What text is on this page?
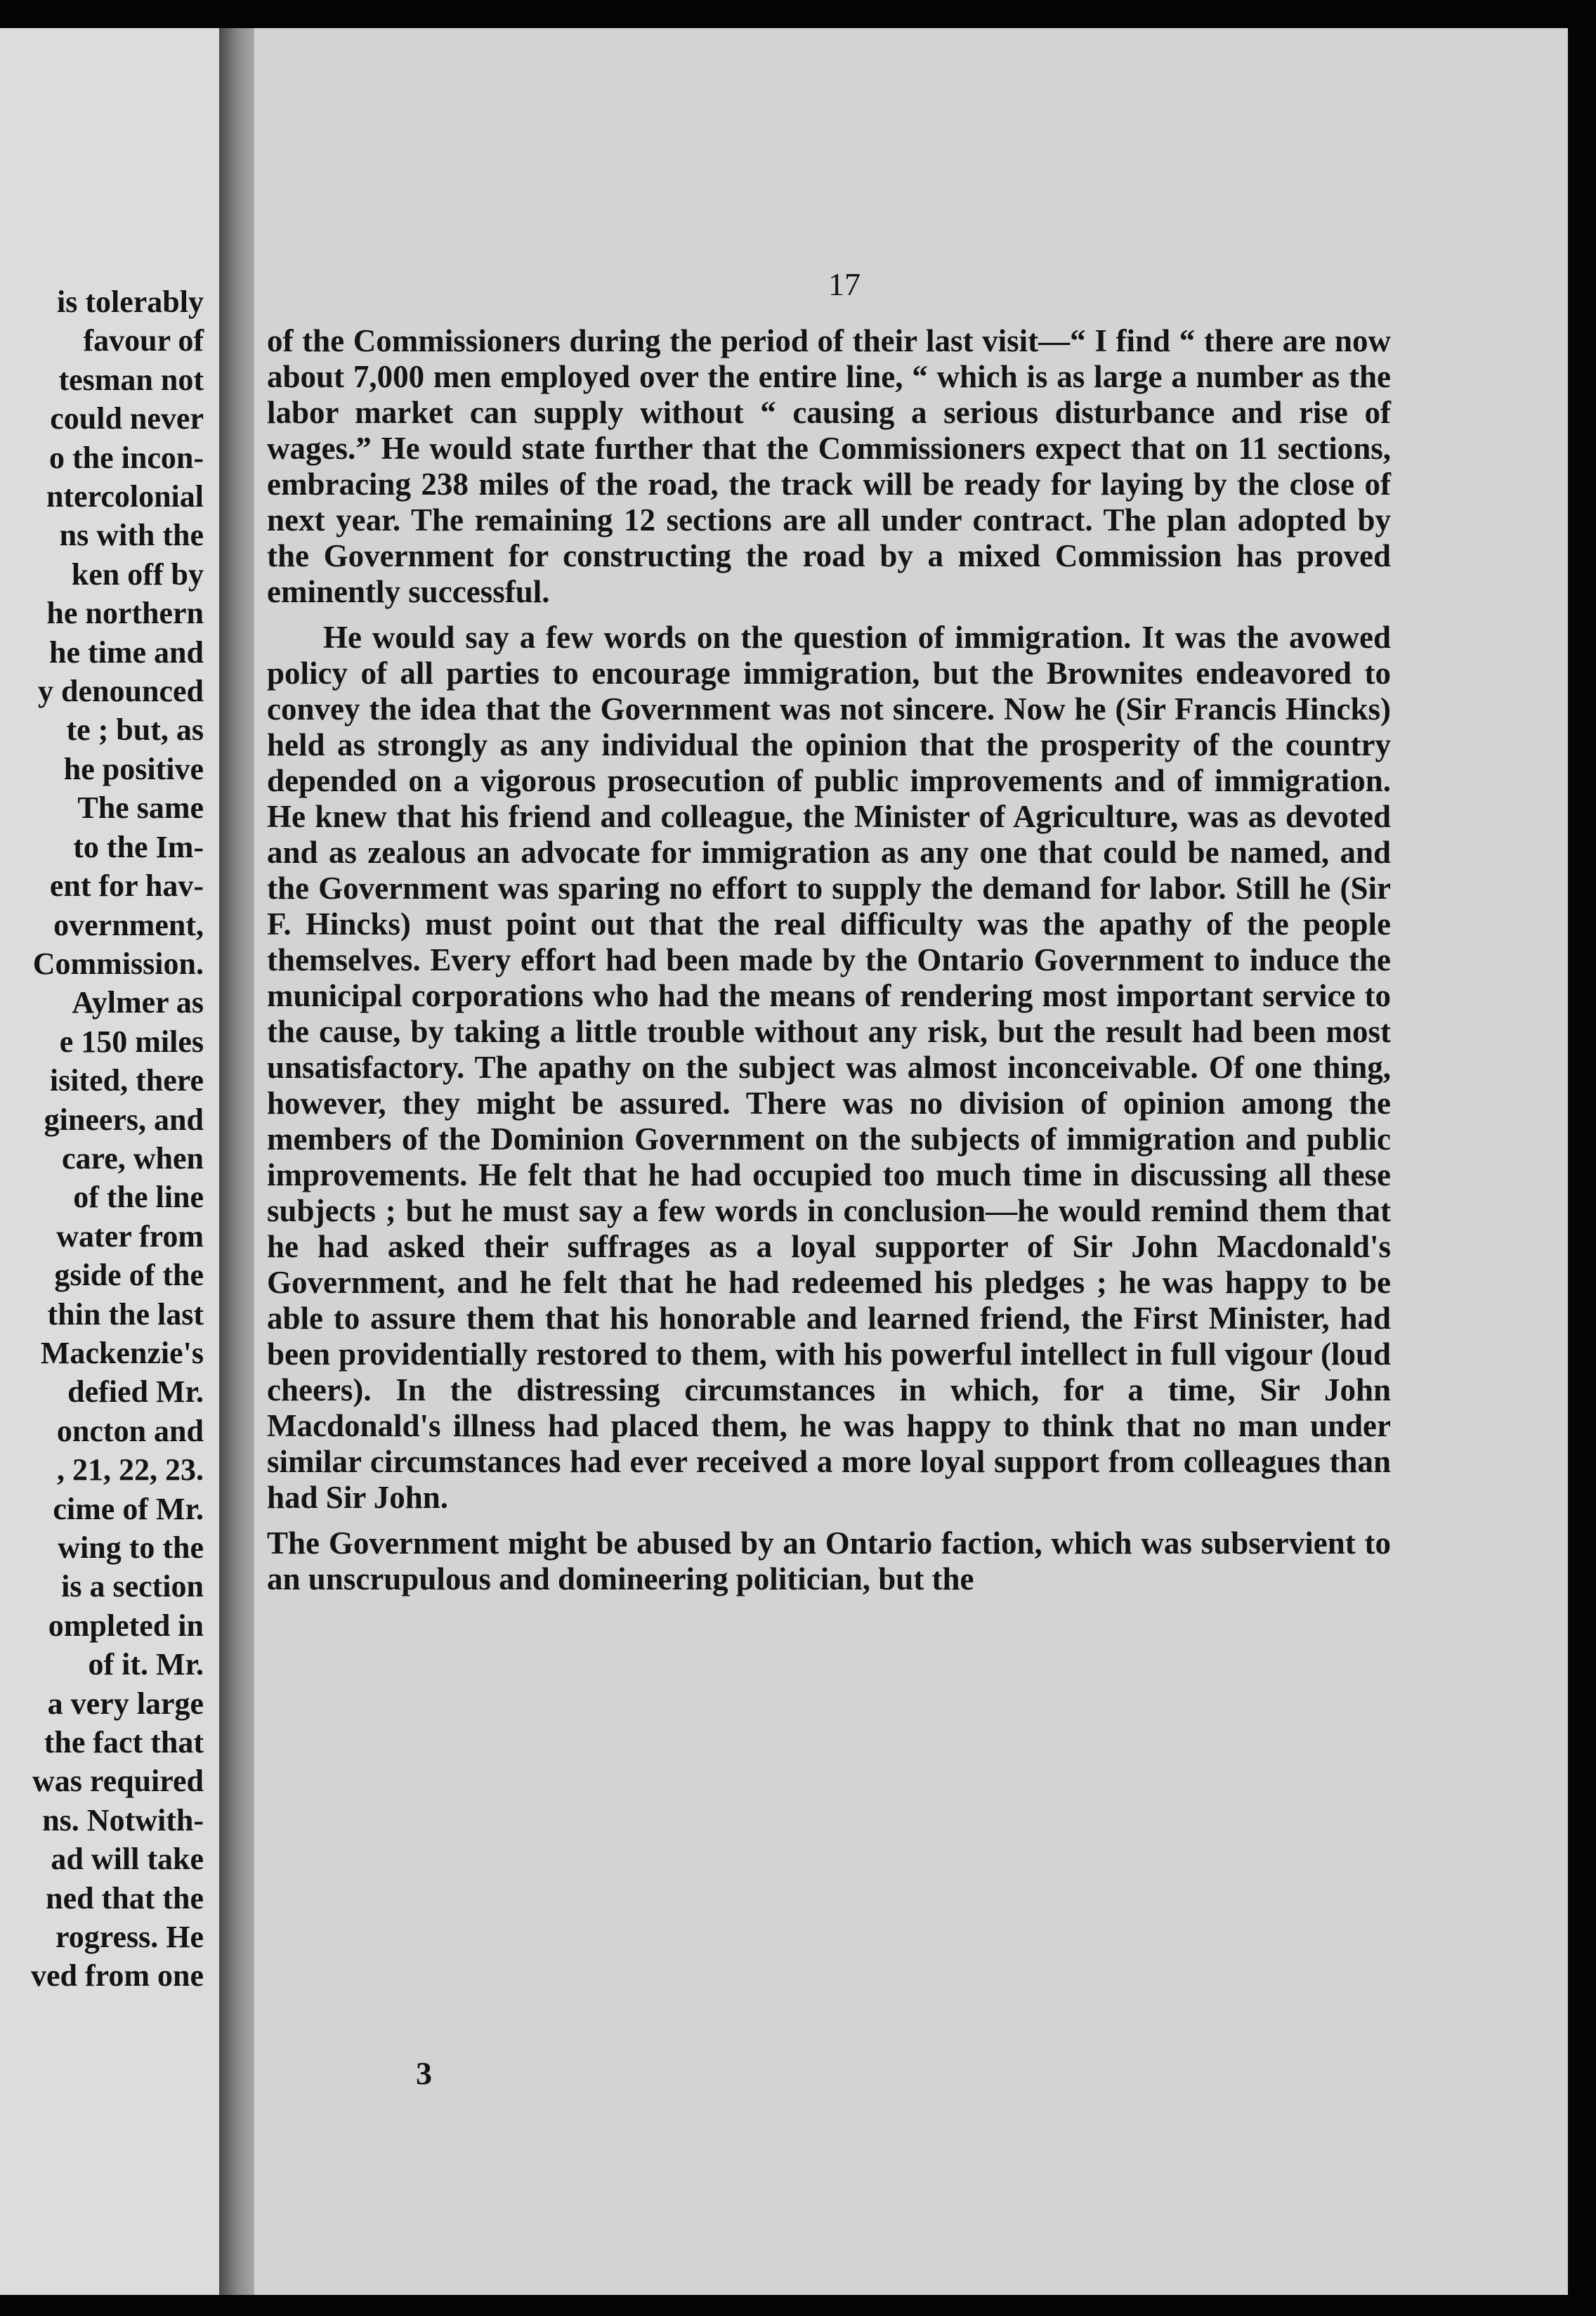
is tolerably
favour of
tesman not
could never
o the incon-
ntercolonial
ns with the
ken off by
he northern
he time and
y denounced
te ; but, as
he positive
The same
to the Im-
ent for hav-
overnment,
Commission.
Aylmer as
e 150 miles
isited, there
gineers, and
care, when
of the line
water from
gside of the
thin the last
Mackenzie's
defied Mr.
oncton and
, 21, 22, 23.
cime of Mr.
wing to the
is a section
ompleted in
of it. Mr.
a very large
the fact that
was required
ns. Notwith-
ad will take
ned that the
rogress. He
ved from one
17

of the Commissioners during the period of their last visit—“ I find “ there are now about 7,000 men employed over the entire line, “ which is as large a number as the labor market can supply without “ causing a serious disturbance and rise of wages.” He would state further that the Commissioners expect that on 11 sections, embracing 238 miles of the road, the track will be ready for laying by the close of next year. The remaining 12 sections are all under contract. The plan adopted by the Government for constructing the road by a mixed Commission has proved eminently successful.

He would say a few words on the question of immigration. It was the avowed policy of all parties to encourage immigration, but the Brownites endeavored to convey the idea that the Government was not sincere. Now he (Sir Francis Hincks) held as strongly as any individual the opinion that the prosperity of the country depended on a vigorous prosecution of public improvements and of immigration. He knew that his friend and colleague, the Minister of Agriculture, was as devoted and as zealous an advocate for immigration as any one that could be named, and the Government was sparing no effort to supply the demand for labor. Still he (Sir F. Hincks) must point out that the real difficulty was the apathy of the people themselves. Every effort had been made by the Ontario Government to induce the municipal corporations who had the means of rendering most important service to the cause, by taking a little trouble without any risk, but the result had been most unsatisfactory. The apathy on the subject was almost inconceivable. Of one thing, however, they might be assured. There was no division of opinion among the members of the Dominion Government on the subjects of immigration and public improvements. He felt that he had occupied too much time in discussing all these subjects ; but he must say a few words in conclusion—he would remind them that he had asked their suffrages as a loyal supporter of Sir John Macdonald's Government, and he felt that he had redeemed his pledges ; he was happy to be able to assure them that his honorable and learned friend, the First Minister, had been providentially restored to them, with his powerful intellect in full vigour (loud cheers). In the distressing circumstances in which, for a time, Sir John Macdonald's illness had placed them, he was happy to think that no man under similar circumstances had ever received a more loyal support from colleagues than had Sir John.

The Government might be abused by an Ontario faction, which was subservient to an unscrupulous and domineering politician, but the

3
